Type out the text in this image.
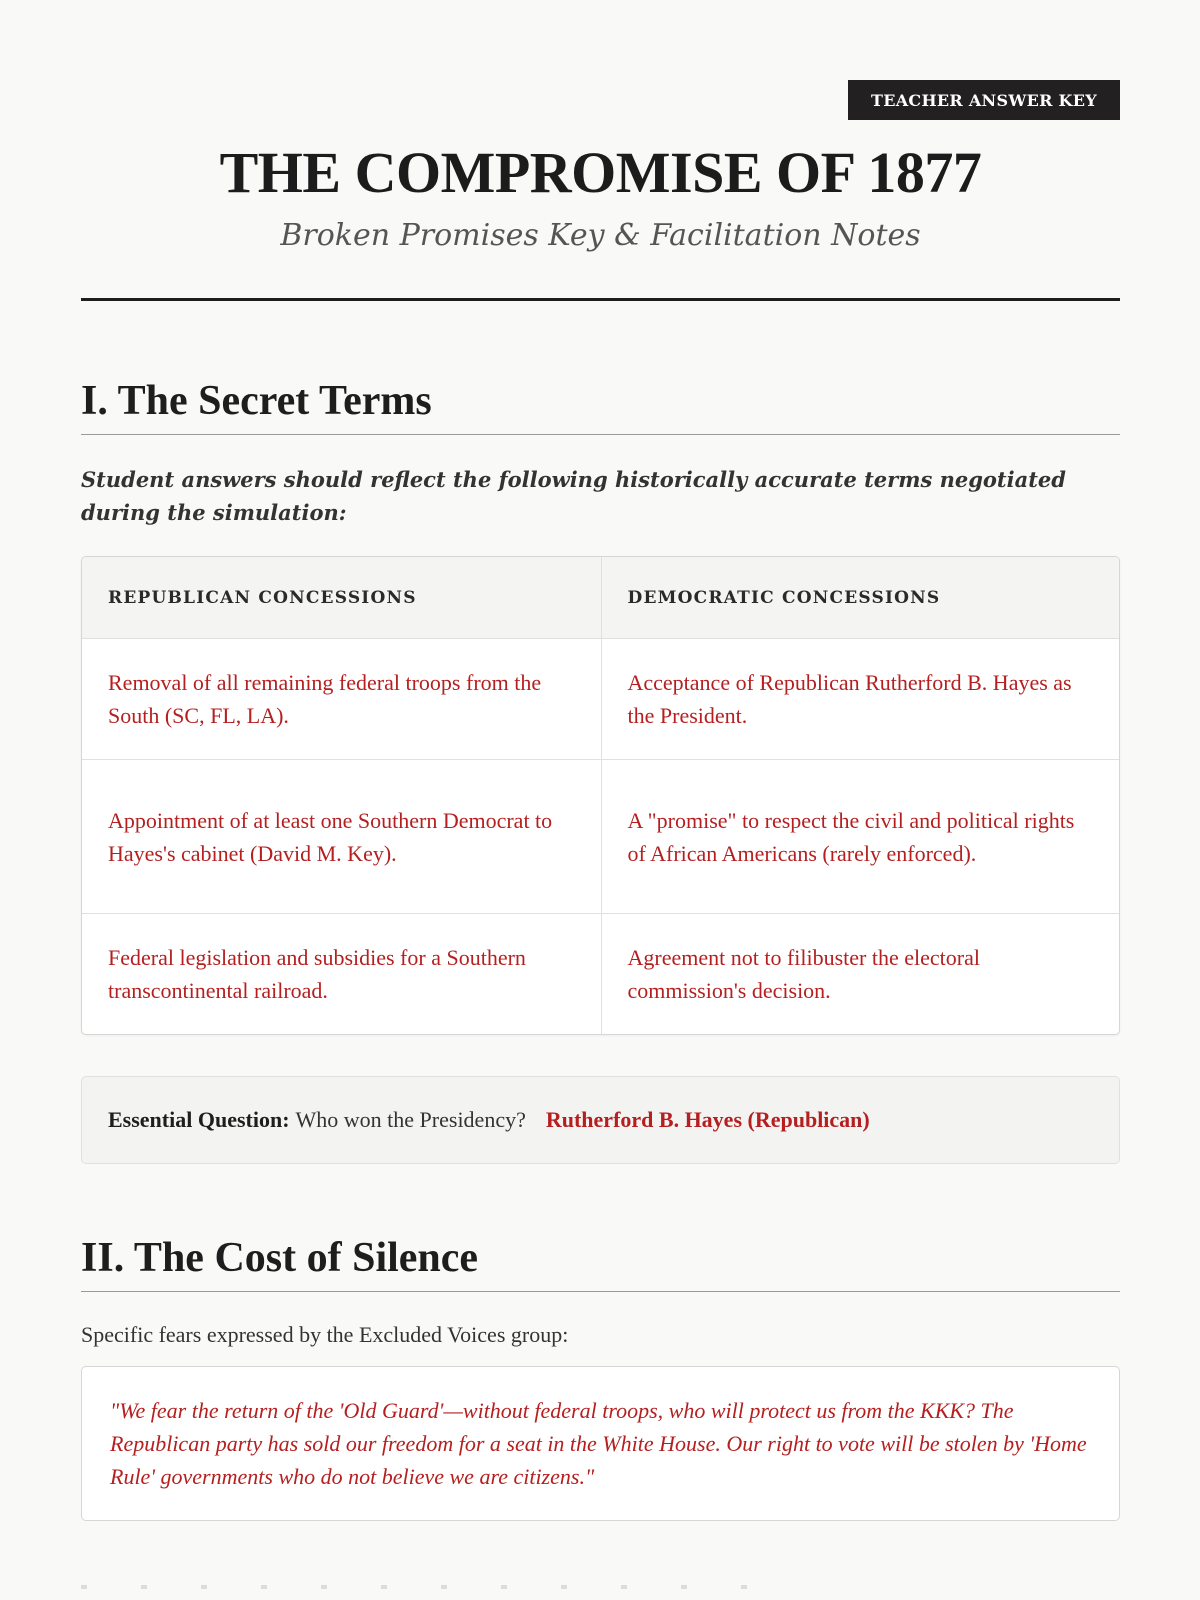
TEACHER ANSWER KEY
THE COMPROMISE OF 1877
Broken Promises Key & Facilitation Notes
I. The Secret Terms
Student answers should reflect the following historically accurate terms negotiated during the simulation:
REPUBLICAN CONCESSIONS	DEMOCRATIC CONCESSIONS
Removal of all remaining federal troops from the South (SC, FL, LA).
Acceptance of Republican Rutherford B. Hayes as the President.
Appointment of at least one Southern Democrat to Hayes's cabinet (David M. Key).
A "promise" to respect the civil and political rights of African Americans (rarely enforced).
Federal legislation and subsidies for a Southern transcontinental railroad.
Agreement not to filibuster the electoral commission's decision.
Essential Question: Who won the Presidency? Rutherford B. Hayes (Republican)
II. The Cost of Silence
Specific fears expressed by the Excluded Voices group:
"We fear the return of the 'Old Guard'—without federal troops, who will protect us from the KKK? The Republican party has sold our freedom for a seat in the White House. Our right to vote will be stolen by 'Home Rule' governments who do not believe we are citizens."
